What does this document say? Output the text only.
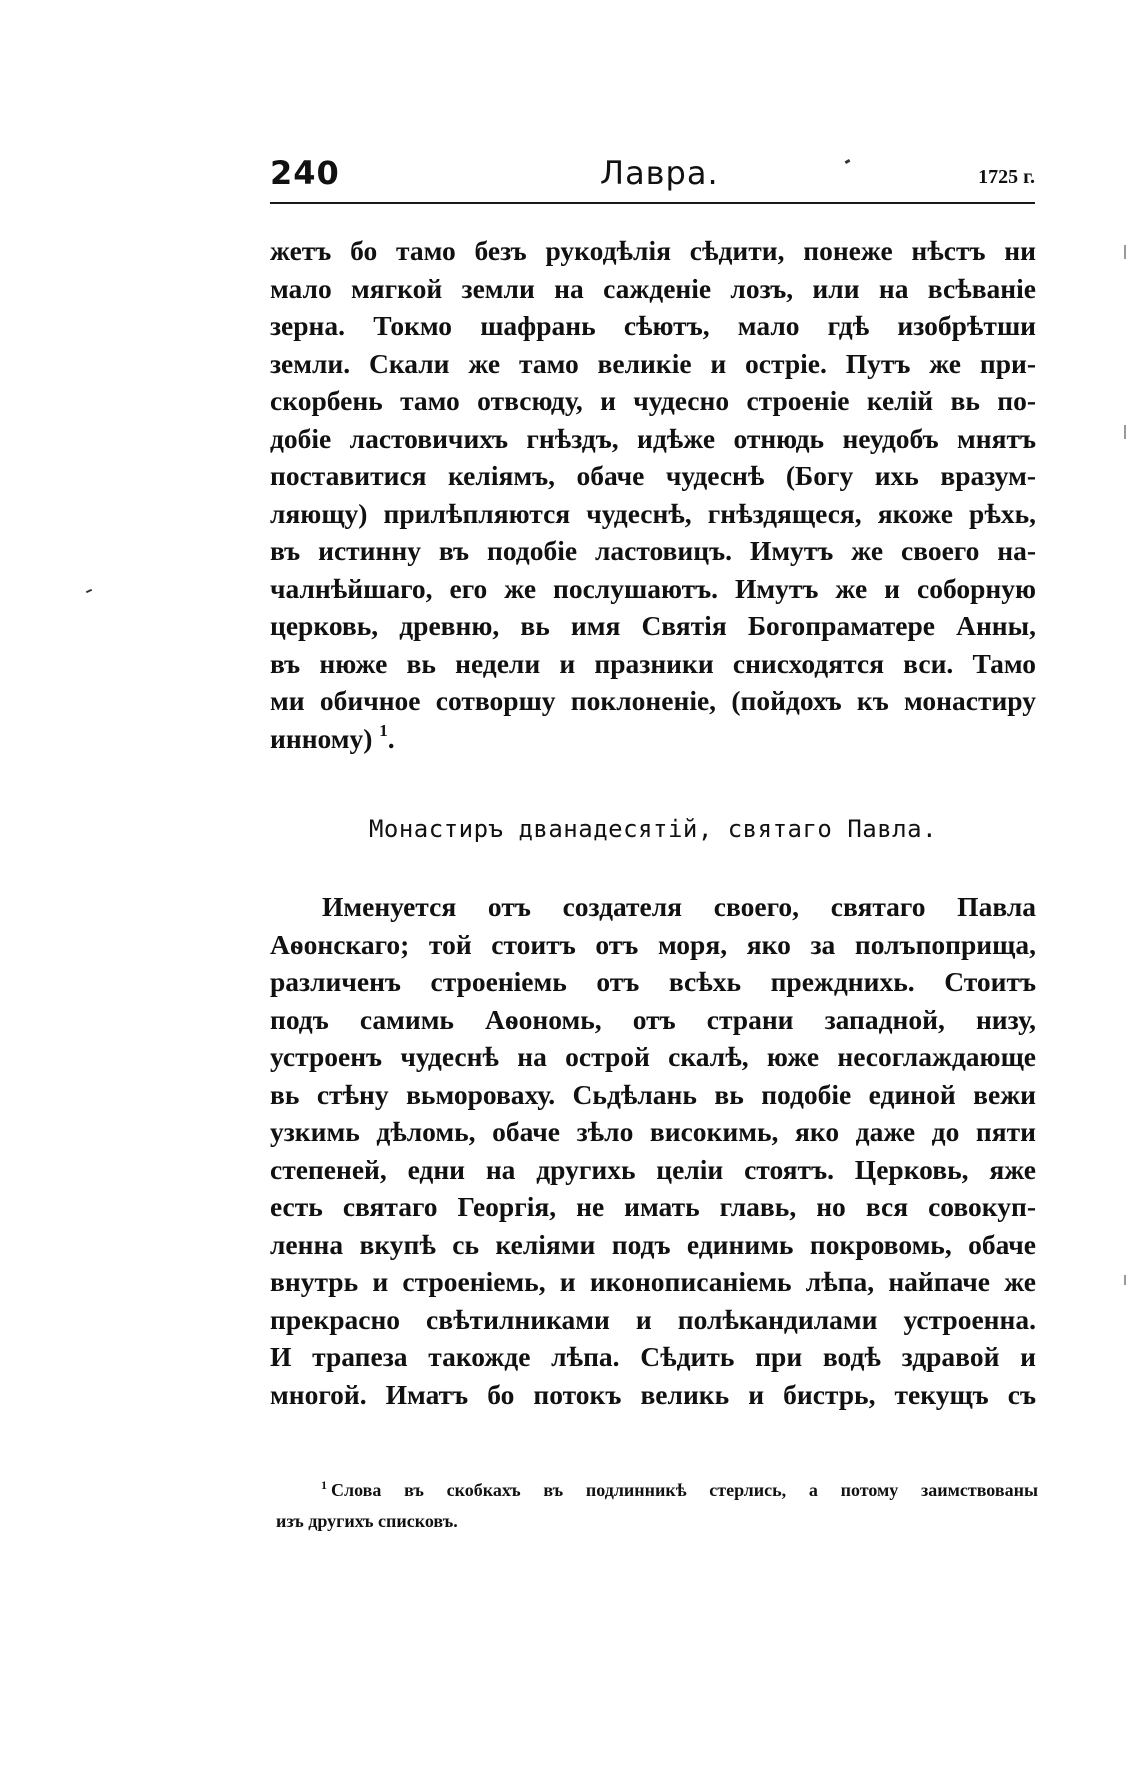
240	Лавра.	1725 г.
жетъ бо тамо безъ рукодѣлія сѣдити, понеже нѣстъ ни
мало мягкой земли на сажденіе лозъ, или на всѣваніе
зерна. Токмо шафрань сѣютъ, мало гдѣ изобрѣтши
земли. Скали же тамо великіе и остріе. Путъ же при-
скорбень тамо отвсюду, и чудесно строеніе келій вь по-
добіе ластовичихъ гнѣздъ, идѣже отнюдь неудобъ мнятъ
поставитися келіямъ, обаче чудеснѣ (Богу ихь вразум-
ляющу) прилѣпляются чудеснѣ, гнѣздящеся, якоже рѣхь,
въ истинну въ подобіе ластовицъ. Имутъ же своего на-
чалнѣйшаго, его же послушаютъ. Имутъ же и соборную
церковь, древню, вь имя Святія Богопраматере Анны,
въ нюже вь недели и празники снисходятся вси. Тамо
ми обичное сотворшу поклоненіе, (пойдохъ къ монастиру
инному) $^1$.
Монастиръ дванадесятій, святаго Павла.
Именуется отъ создателя своего, святаго Павла
Аѳонскаго; той стоитъ отъ моря, яко за полъпоприща,
различенъ строеніемь отъ всѣхь прежднихь. Стоитъ
подъ самимь Аѳономь, отъ страни западной, низу,
устроенъ чудеснѣ на острой скалѣ, юже несоглаждающе
вь стѣну вьмороваху. Сьдѣлань вь подобіе единой вежи
узкимь дѣломь, обаче зѣло високимь, яко даже до пяти
степеней, едни на другихь целіи стоятъ. Церковь, яже
есть святаго Георгія, не имать главь, но вся совокуп-
ленна вкупѣ сь келіями подъ единимь покровомь, обаче
внутрь и строеніемь, и иконописаніемь лѣпа, найпаче же
прекрасно свѣтилниками и полѣкандилами устроенна.
И трапеза такожде лѣпа. Сѣдить при водѣ здравой и
многой. Иматъ бо потокъ великь и бистрь, текущъ съ
$^1$ Слова въ скобкахъ въ подлинникѣ стерлись, а потому заимствованы
изъ другихъ списковъ.
